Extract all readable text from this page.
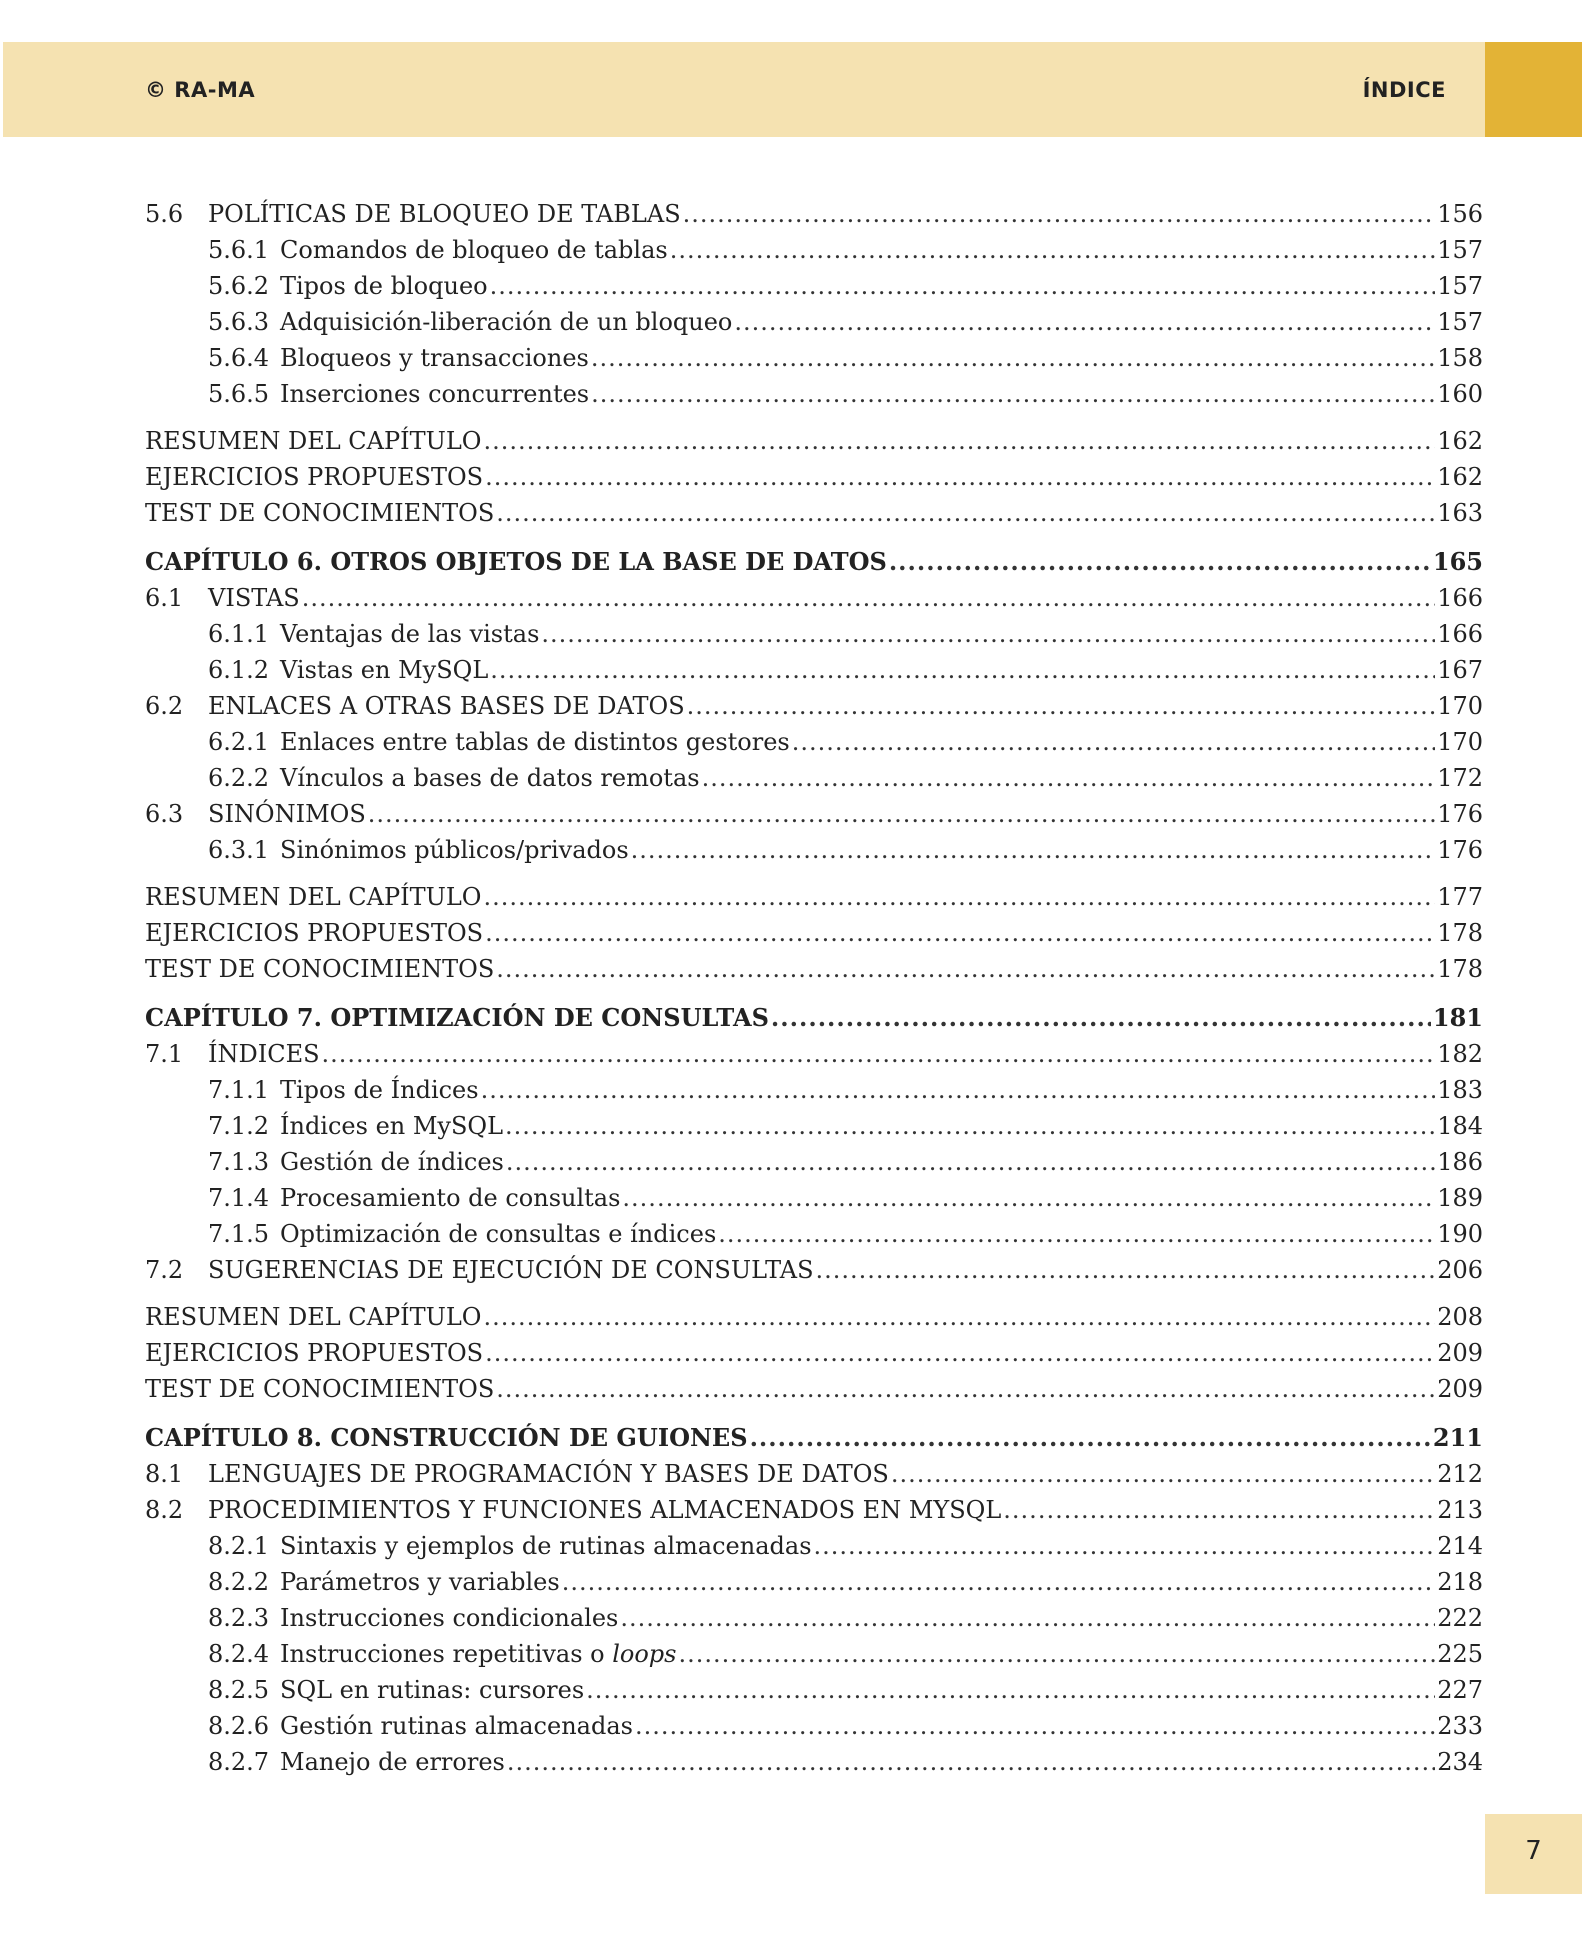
© RA-MA	ÍNDICE
5.6	POLÍTICAS DE BLOQUEO DE TABLAS .....	156
5.6.1 Comandos de bloqueo de tablas .....	157
5.6.2 Tipos de bloqueo .....	157
5.6.3 Adquisición-liberación de un bloqueo .....	157
5.6.4 Bloqueos y transacciones .....	158
5.6.5 Inserciones concurrentes .....	160
RESUMEN DEL CAPÍTULO .....	162
EJERCICIOS PROPUESTOS .....	162
TEST DE CONOCIMIENTOS .....	163
CAPÍTULO 6. OTROS OBJETOS DE LA BASE DE DATOS .....	165
6.1	VISTAS .....	166
6.1.1 Ventajas de las vistas .....	166
6.1.2 Vistas en MySQL .....	167
6.2	ENLACES A OTRAS BASES DE DATOS .....	170
6.2.1 Enlaces entre tablas de distintos gestores .....	170
6.2.2 Vínculos a bases de datos remotas .....	172
6.3	SINÓNIMOS .....	176
6.3.1 Sinónimos públicos/privados .....	176
RESUMEN DEL CAPÍTULO .....	177
EJERCICIOS PROPUESTOS .....	178
TEST DE CONOCIMIENTOS .....	178
CAPÍTULO 7. OPTIMIZACIÓN DE CONSULTAS .....	181
7.1	ÍNDICES .....	182
7.1.1 Tipos de Índices .....	183
7.1.2 Índices en MySQL .....	184
7.1.3 Gestión de índices .....	186
7.1.4 Procesamiento de consultas .....	189
7.1.5 Optimización de consultas e índices .....	190
7.2	SUGERENCIAS DE EJECUCIÓN DE CONSULTAS .....	206
RESUMEN DEL CAPÍTULO .....	208
EJERCICIOS PROPUESTOS .....	209
TEST DE CONOCIMIENTOS .....	209
CAPÍTULO 8. CONSTRUCCIÓN DE GUIONES .....	211
8.1	LENGUAJES DE PROGRAMACIÓN Y BASES DE DATOS .....	212
8.2	PROCEDIMIENTOS Y FUNCIONES ALMACENADOS EN MYSQL .....	213
8.2.1 Sintaxis y ejemplos de rutinas almacenadas .....	214
8.2.2 Parámetros y variables .....	218
8.2.3 Instrucciones condicionales .....	222
8.2.4 Instrucciones repetitivas o loops .....	225
8.2.5 SQL en rutinas: cursores .....	227
8.2.6 Gestión rutinas almacenadas .....	233
8.2.7 Manejo de errores .....	234
7
